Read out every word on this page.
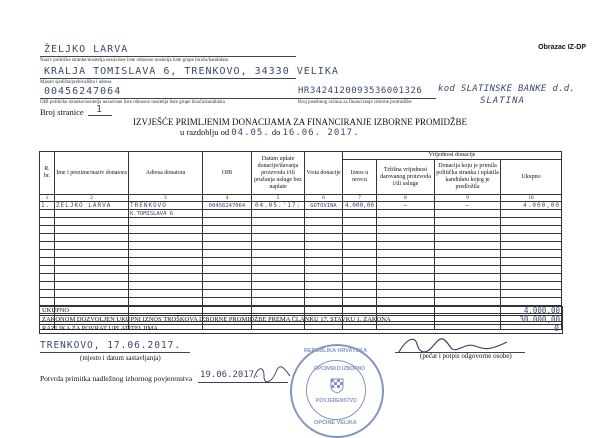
Obrazac IZ-DP
ŽELJKO LARVA
Naziv političke stranke/nositelja nezavisne liste odnosno nositelja liste grupe birača/kandidata
KRALJA TOMISLAVA 6, TRENKOVO, 34330 VELIKA
Mjesto sjedišta/prebivališta i adresa
00456247064
OIB političke stranke/nositelja nezavisne liste odnosno nositelja liste grupe birača/kandidata
HR3424120093536001326 kod SLATINSKE BANKE d.d.
SLATINA
Broj posebnog računa za financiranje izborne promidžbe
Broj stranice 1
IZVJEŠĆE PRIMLJENIM DONACIJAMA ZA FINANCIRANJE IZBORNE PROMIDŽBE
u razdoblju od 04.05. do 16.06. 2017.
R. br.	Ime i prezime/naziv donatora	Adresa donatora	OIB	Datum uplate donacije/davanja proizvoda i/ili pružanja usluge bez naplate	Vrsta donacije	Vrijednost donacije			
						Iznos u novcu	Tržišna vrijednost darovanog proizvoda i/ili usluge	Donacija koju je primila politička stranka i uplatila kandidatu kojeg je predložila	Ukupno
1	2	3	4	5	6	7	8	9	10
1.	ŽELJKO LARVA	TRENKOVO	00456247064	04.05.'17.	GOTOVINA	4.000,00	—	—	4.000,00
		K.TOMISLAVA 6							

UKUPNO	4.000,00
ZAKONOM DOZVOLJEN UKUPNI IZNOS TROŠKOVA IZBORNE PROMIDŽBE PREMA ČLANKU 17. STAVKU 1. ZAKONA	30.000,00
RAZLIKA ZA POVRAT UPLATITELJIMA	0
TRENKOVO, 17.06.2017.
(mjesto i datum sastavljanja)	(pečat i potpis odgovorne osobe)
Potvrda primitka nadležnog izbornog povjerenstva 19.06.2017.
REPUBLIKA HRVATSKA
OPĆINSKO IZBORNO
POVJERENSTVO
OPĆINE VELIKA
